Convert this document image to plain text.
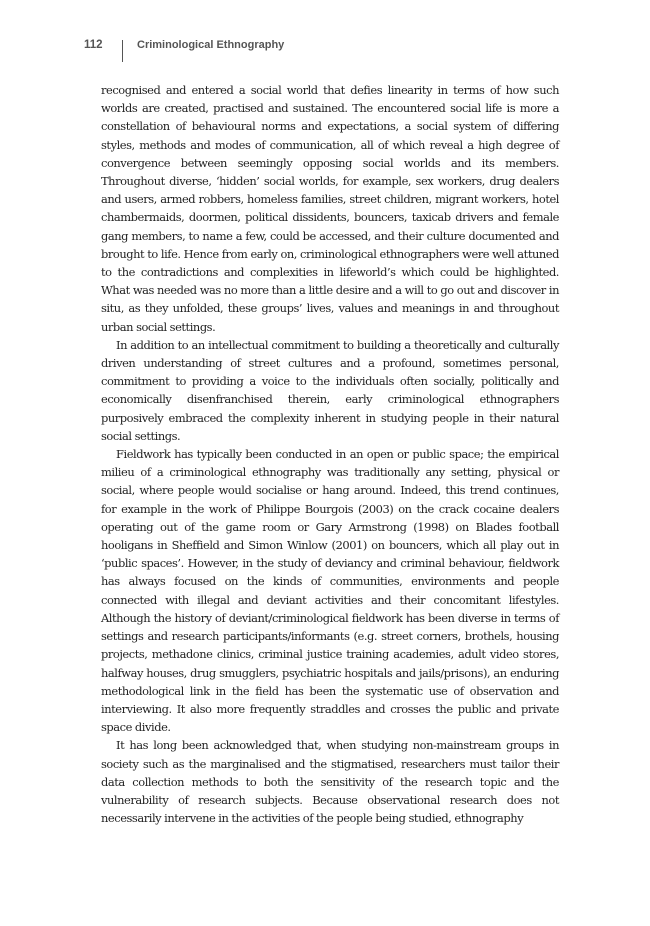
112	Criminological Ethnography

recognised and entered a social world that defies linearity in terms of how such worlds are created, practised and sustained. The encountered social life is more a constellation of behavioural norms and expectations, a social system of differing styles, methods and modes of communication, all of which reveal a high degree of convergence between seemingly opposing social worlds and its members. Throughout diverse, ‘hidden’ social worlds, for example, sex workers, drug dealers and users, armed robbers, homeless families, street children, migrant workers, hotel chambermaids, doormen, political dissidents, bouncers, taxicab drivers and female gang members, to name a few, could be accessed, and their culture documented and brought to life. Hence from early on, criminological ethnographers were well attuned to the contradictions and complexities in lifeworld’s which could be highlighted. What was needed was no more than a little desire and a will to go out and discover in situ, as they unfolded, these groups’ lives, values and meanings in and throughout urban social settings.

In addition to an intellectual commitment to building a theoretically and culturally driven understanding of street cultures and a profound, sometimes personal, commitment to providing a voice to the individuals often socially, politically and economically disenfranchised therein, early criminological ethnographers purposively embraced the complexity inherent in studying people in their natural social settings.

Fieldwork has typically been conducted in an open or public space; the empirical milieu of a criminological ethnography was traditionally any setting, physical or social, where people would socialise or hang around. Indeed, this trend continues, for example in the work of Philippe Bourgois (2003) on the crack cocaine dealers operating out of the game room or Gary Armstrong (1998) on Blades football hooligans in Sheffield and Simon Winlow (2001) on bouncers, which all play out in ‘public spaces’. However, in the study of deviancy and criminal behaviour, fieldwork has always focused on the kinds of communities, environments and people connected with illegal and deviant activities and their concomitant lifestyles. Although the history of deviant/​criminological fieldwork has been diverse in terms of settings and research participants/​informants (e.g. street corners, brothels, housing projects, methadone clinics, criminal justice training academies, adult video stores, halfway houses, drug smugglers, psychiatric hospitals and jails/prisons), an enduring methodological link in the field has been the systematic use of observation and interviewing. It also more frequently straddles and crosses the public and private space divide.

It has long been acknowledged that, when studying non-mainstream groups in society such as the marginalised and the stigmatised, researchers must tailor their data collection methods to both the sensitivity of the research topic and the vulnerability of research subjects. Because observational research does not necessarily intervene in the activities of the people being studied, ethnography
